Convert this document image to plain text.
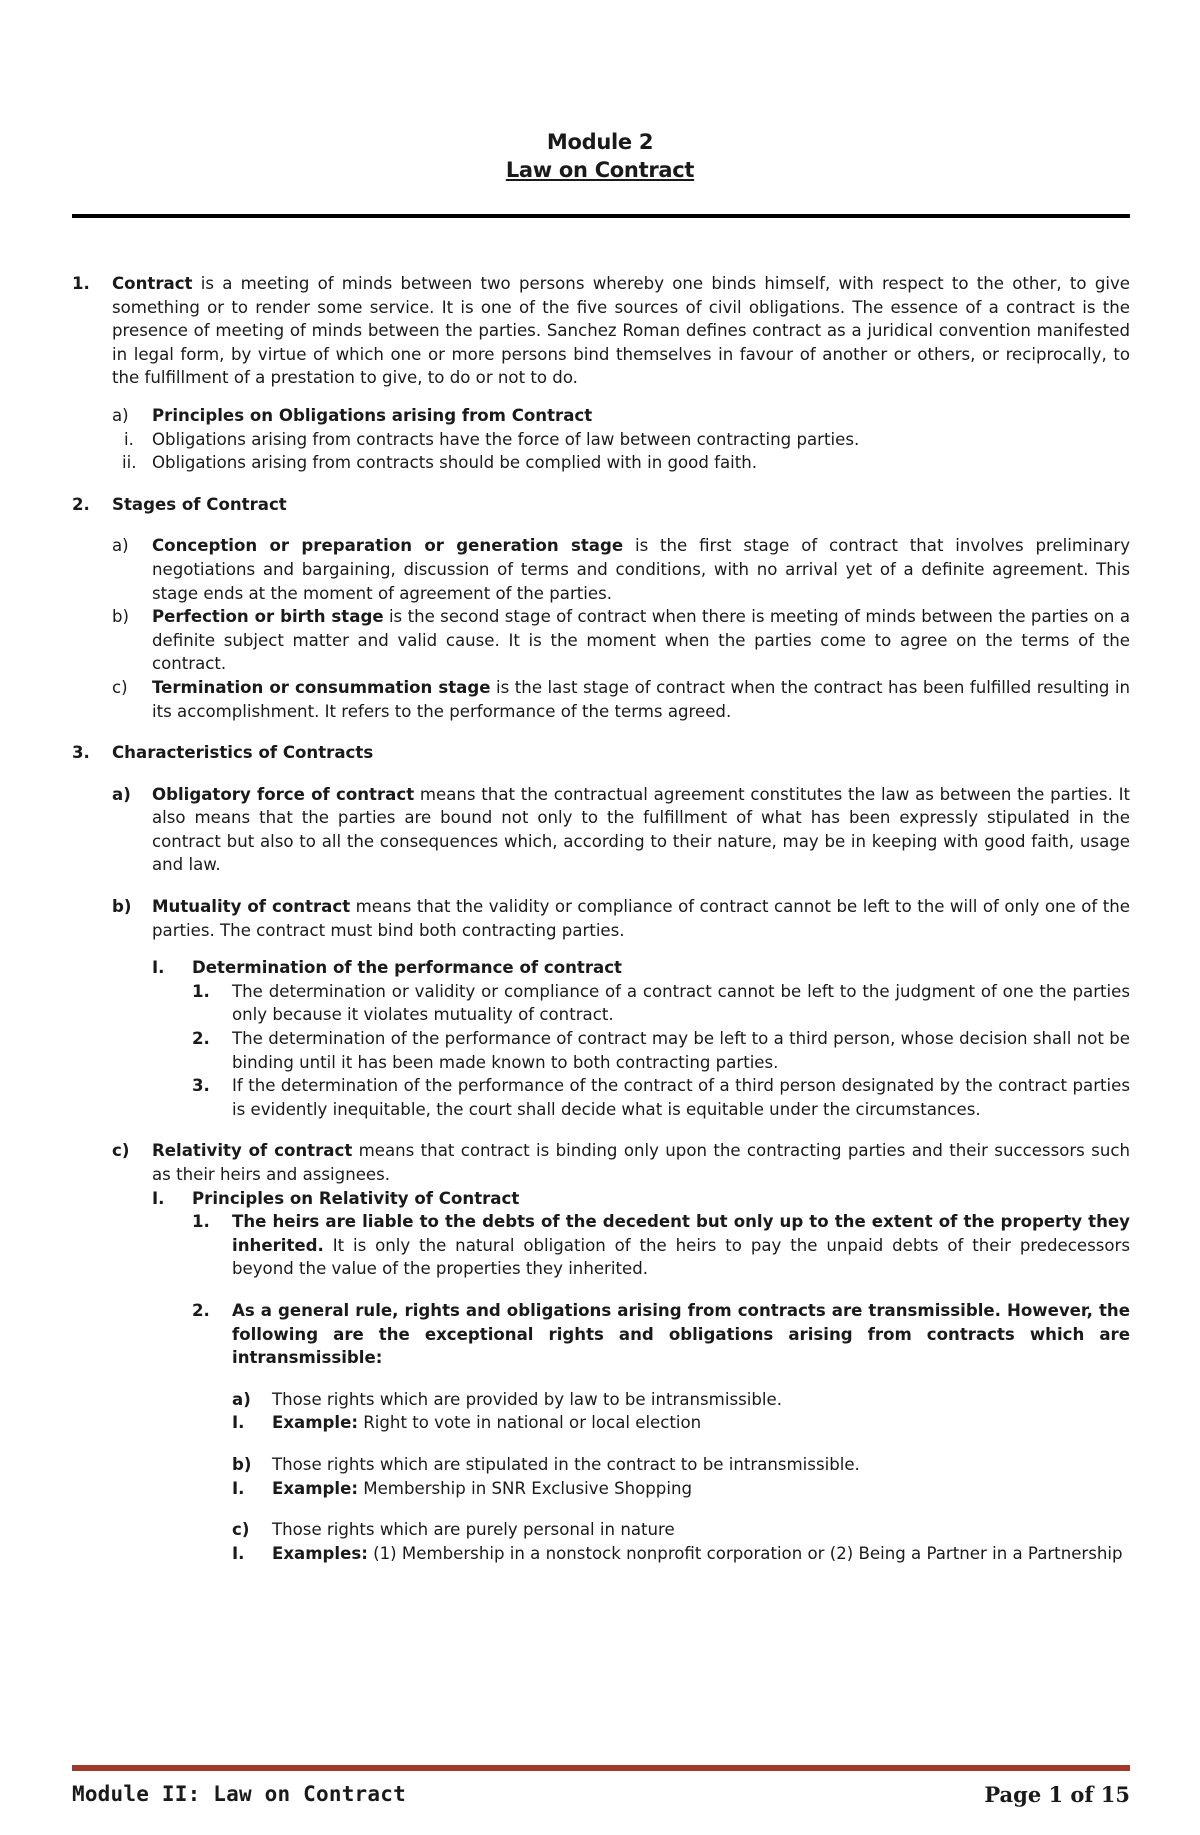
Module 2
Law on Contract
1. Contract is a meeting of minds between two persons whereby one binds himself, with respect to the other, to give something or to render some service. It is one of the five sources of civil obligations. The essence of a contract is the presence of meeting of minds between the parties. Sanchez Roman defines contract as a juridical convention manifested in legal form, by virtue of which one or more persons bind themselves in favour of another or others, or reciprocally, to the fulfillment of a prestation to give, to do or not to do.
a) Principles on Obligations arising from Contract
i. Obligations arising from contracts have the force of law between contracting parties.
ii. Obligations arising from contracts should be complied with in good faith.
2. Stages of Contract
a) Conception or preparation or generation stage is the first stage of contract that involves preliminary negotiations and bargaining, discussion of terms and conditions, with no arrival yet of a definite agreement. This stage ends at the moment of agreement of the parties.
b) Perfection or birth stage is the second stage of contract when there is meeting of minds between the parties on a definite subject matter and valid cause. It is the moment when the parties come to agree on the terms of the contract.
c) Termination or consummation stage is the last stage of contract when the contract has been fulfilled resulting in its accomplishment. It refers to the performance of the terms agreed.
3. Characteristics of Contracts
a) Obligatory force of contract means that the contractual agreement constitutes the law as between the parties. It also means that the parties are bound not only to the fulfillment of what has been expressly stipulated in the contract but also to all the consequences which, according to their nature, may be in keeping with good faith, usage and law.
b) Mutuality of contract means that the validity or compliance of contract cannot be left to the will of only one of the parties. The contract must bind both contracting parties.
I. Determination of the performance of contract
1. The determination or validity or compliance of a contract cannot be left to the judgment of one the parties only because it violates mutuality of contract.
2. The determination of the performance of contract may be left to a third person, whose decision shall not be binding until it has been made known to both contracting parties.
3. If the determination of the performance of the contract of a third person designated by the contract parties is evidently inequitable, the court shall decide what is equitable under the circumstances.
c) Relativity of contract means that contract is binding only upon the contracting parties and their successors such as their heirs and assignees.
I. Principles on Relativity of Contract
1. The heirs are liable to the debts of the decedent but only up to the extent of the property they inherited. It is only the natural obligation of the heirs to pay the unpaid debts of their predecessors beyond the value of the properties they inherited.
2. As a general rule, rights and obligations arising from contracts are transmissible. However, the following are the exceptional rights and obligations arising from contracts which are intransmissible:
a) Those rights which are provided by law to be intransmissible.
I. Example: Right to vote in national or local election
b) Those rights which are stipulated in the contract to be intransmissible.
I. Example: Membership in SNR Exclusive Shopping
c) Those rights which are purely personal in nature
I. Examples: (1) Membership in a nonstock nonprofit corporation or (2) Being a Partner in a Partnership
Module II: Law on Contract	Page 1 of 15
